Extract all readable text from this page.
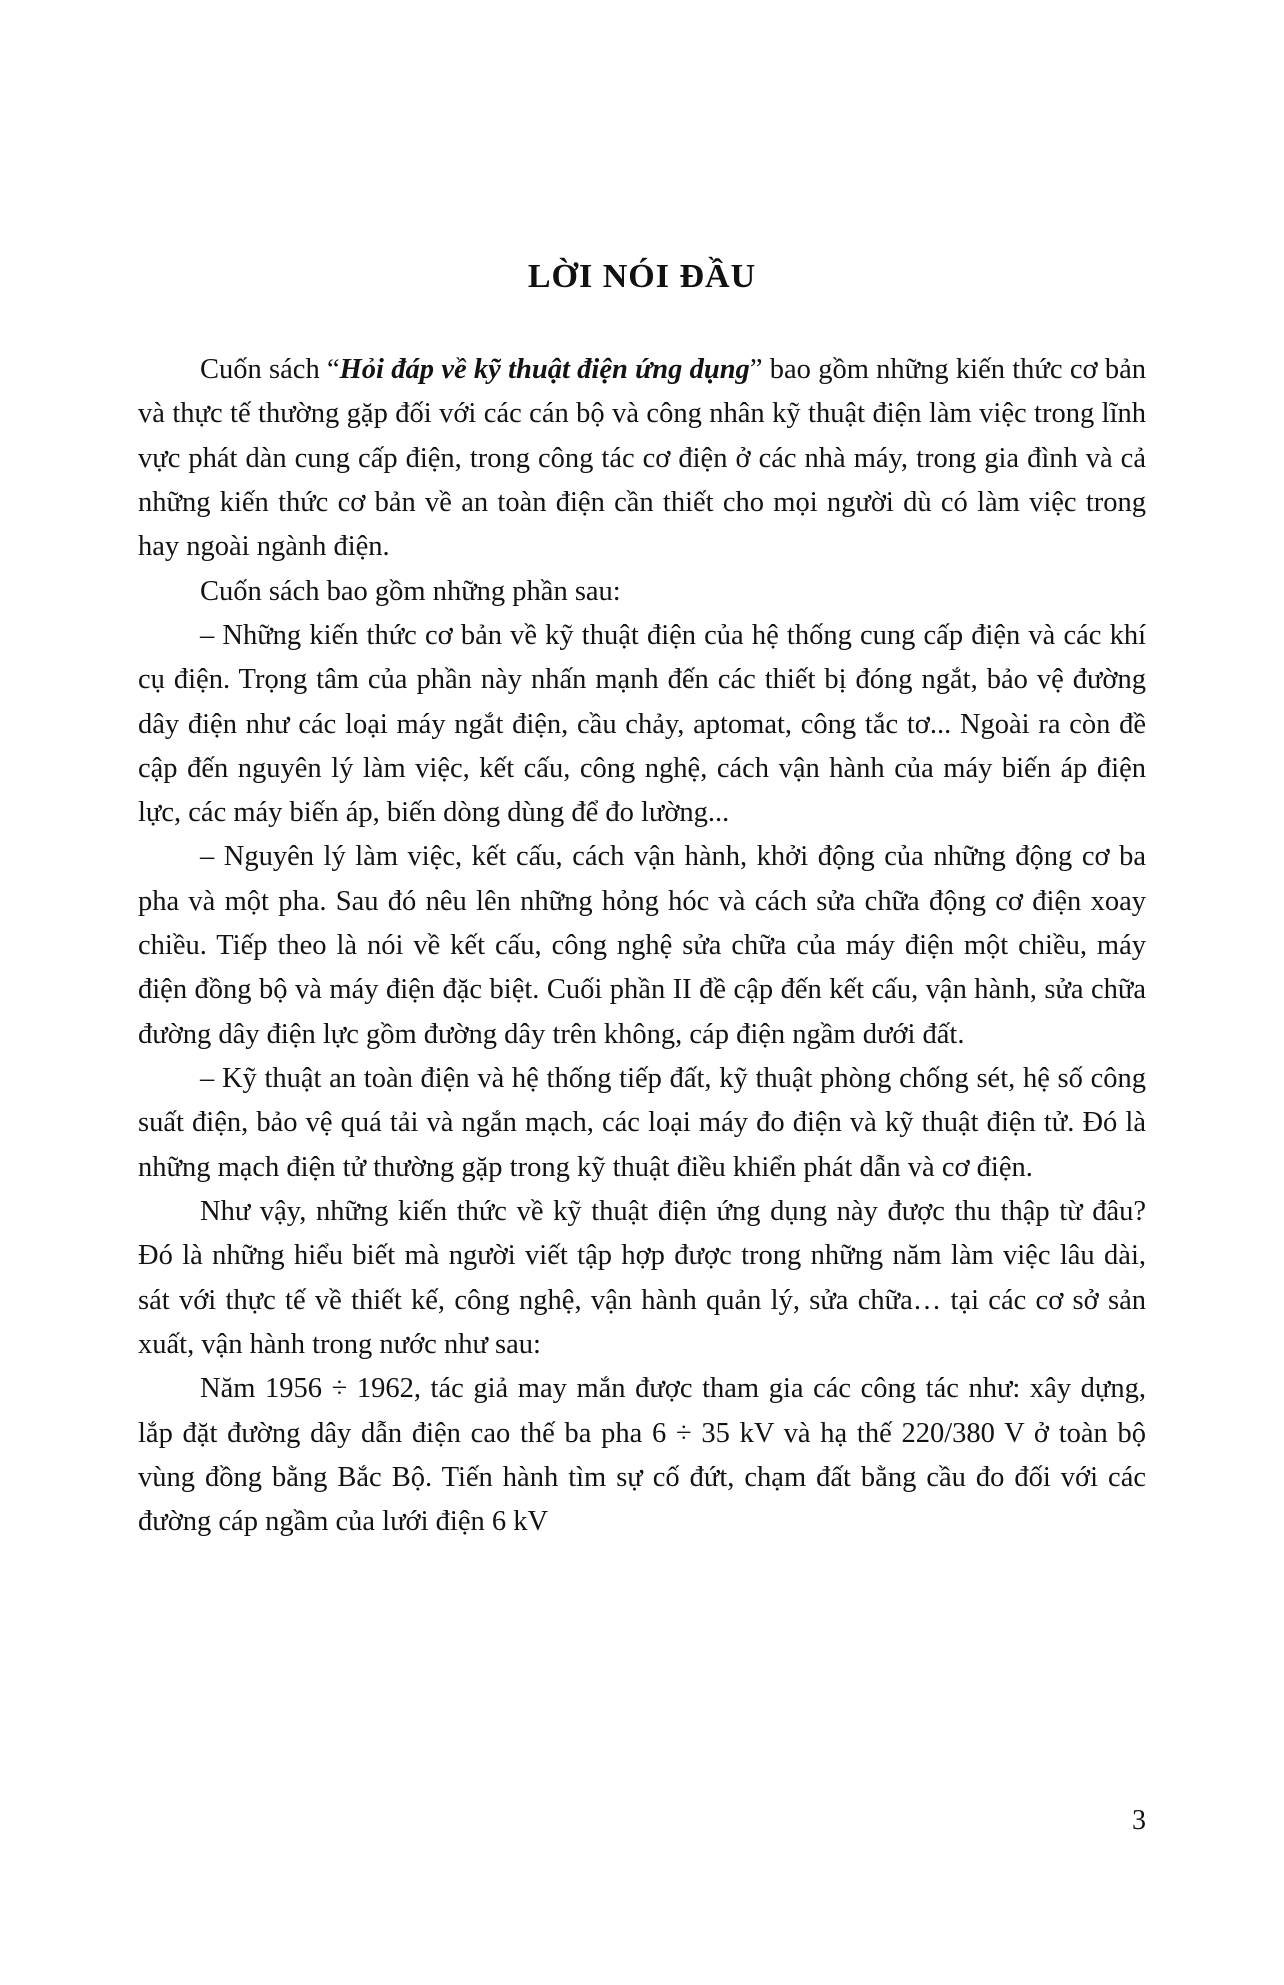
LỜI NÓI ĐẦU

Cuốn sách “Hỏi đáp về kỹ thuật điện ứng dụng” bao gồm những kiến thức cơ bản và thực tế thường gặp đối với các cán bộ và công nhân kỹ thuật điện làm việc trong lĩnh vực phát dàn cung cấp điện, trong công tác cơ điện ở các nhà máy, trong gia đình và cả những kiến thức cơ bản về an toàn điện cần thiết cho mọi người dù có làm việc trong hay ngoài ngành điện.

Cuốn sách bao gồm những phần sau:

– Những kiến thức cơ bản về kỹ thuật điện của hệ thống cung cấp điện và các khí cụ điện. Trọng tâm của phần này nhấn mạnh đến các thiết bị đóng ngắt, bảo vệ đường dây điện như các loại máy ngắt điện, cầu chảy, aptomat, công tắc tơ... Ngoài ra còn đề cập đến nguyên lý làm việc, kết cấu, công nghệ, cách vận hành của máy biến áp điện lực, các máy biến áp, biến dòng dùng để đo lường...

– Nguyên lý làm việc, kết cấu, cách vận hành, khởi động của những động cơ ba pha và một pha. Sau đó nêu lên những hỏng hóc và cách sửa chữa động cơ điện xoay chiều. Tiếp theo là nói về kết cấu, công nghệ sửa chữa của máy điện một chiều, máy điện đồng bộ và máy điện đặc biệt. Cuối phần II đề cập đến kết cấu, vận hành, sửa chữa đường dây điện lực gồm đường dây trên không, cáp điện ngầm dưới đất.

– Kỹ thuật an toàn điện và hệ thống tiếp đất, kỹ thuật phòng chống sét, hệ số công suất điện, bảo vệ quá tải và ngắn mạch, các loại máy đo điện và kỹ thuật điện tử. Đó là những mạch điện tử thường gặp trong kỹ thuật điều khiển phát dẫn và cơ điện.

Như vậy, những kiến thức về kỹ thuật điện ứng dụng này được thu thập từ đâu? Đó là những hiểu biết mà người viết tập hợp được trong những năm làm việc lâu dài, sát với thực tế về thiết kế, công nghệ, vận hành quản lý, sửa chữa… tại các cơ sở sản xuất, vận hành trong nước như sau:

Năm 1956 ÷ 1962, tác giả may mắn được tham gia các công tác như: xây dựng, lắp đặt đường dây dẫn điện cao thế ba pha 6 ÷ 35 kV và hạ thế 220/380 V ở toàn bộ vùng đồng bằng Bắc Bộ. Tiến hành tìm sự cố đứt, chạm đất bằng cầu đo đối với các đường cáp ngầm của lưới điện 6 kV

3
